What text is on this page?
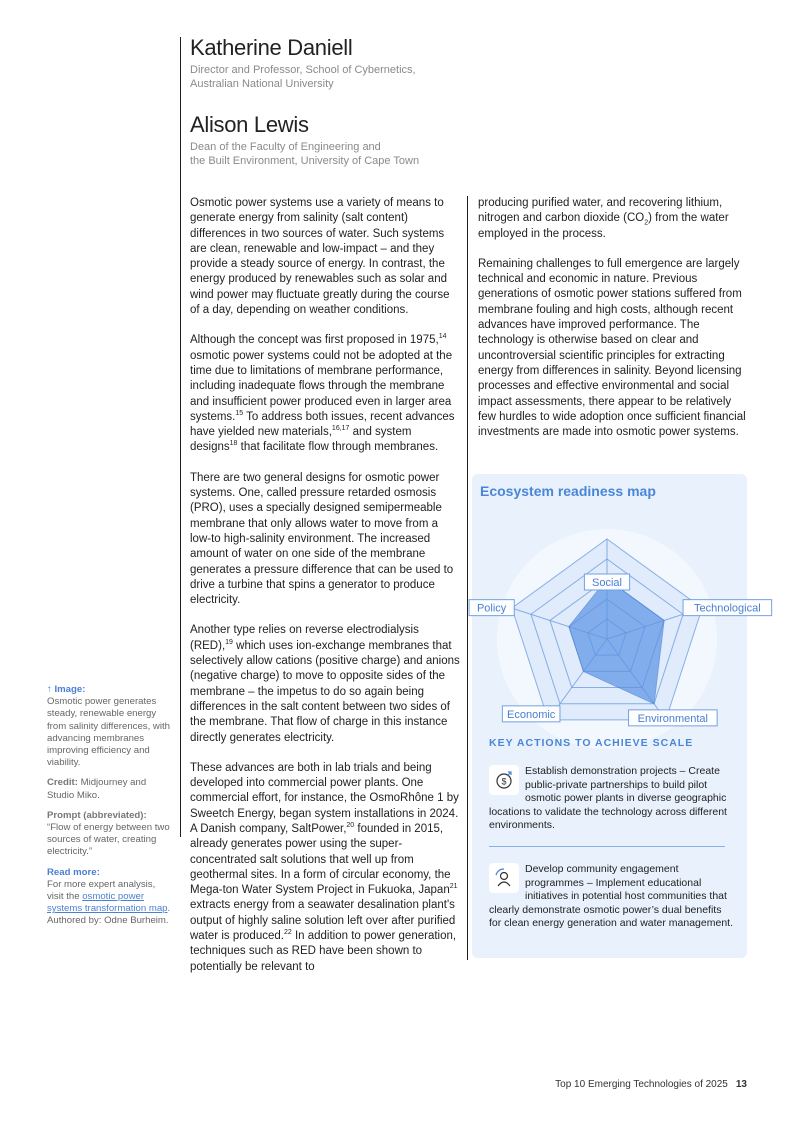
Katherine Daniell
Director and Professor, School of Cybernetics,
Australian National University
Alison Lewis
Dean of the Faculty of Engineering and
the Built Environment, University of Cape Town

Osmotic power systems use a variety of means to generate energy from salinity (salt content) differences in two sources of water. Such systems are clean, renewable and low-impact – and they provide a steady source of energy. In contrast, the energy produced by renewables such as solar and wind power may fluctuate greatly during the course of a day, depending on weather conditions.

Although the concept was first proposed in 1975,14 osmotic power systems could not be adopted at the time due to limitations of membrane performance, including inadequate flows through the membrane and insufficient power produced even in larger area systems.$^{15}$ To address both issues, recent advances have yielded new materials,$^{16,17}$ and system designs$^{18}$ that facilitate flow through membranes.

There are two general designs for osmotic power systems. One, called pressure retarded osmosis (PRO), uses a specially designed semipermeable membrane that only allows water to move from a low-to high-salinity environment. The increased amount of water on one side of the membrane generates a pressure difference that can be used to drive a turbine that spins a generator to produce electricity.

Another type relies on reverse electrodialysis (RED),$^{19}$ which uses ion-exchange membranes that selectively allow cations (positive charge) and anions (negative charge) to move to opposite sides of the membrane – the impetus to do so again being differences in the salt content between two sides of the membrane. That flow of charge in this instance directly generates electricity.

These advances are both in lab trials and being developed into commercial power plants. One commercial effort, for instance, the OsmoRhône 1 by Sweetch Energy, began system installations in 2024. A Danish company, SaltPower,$^{20}$ founded in 2015, already generates power using the super-concentrated salt solutions that well up from geothermal sites. In a form of circular economy, the Mega-ton Water System Project in Fukuoka, Japan$^{21}$ extracts energy from a seawater desalination plant's output of highly saline solution left over after purified water is produced.$^{22}$ In addition to power generation, techniques such as RED have been shown to potentially be relevant to

producing purified water, and recovering lithium, nitrogen and carbon dioxide $(CO_2)$ from the water employed in the process.

Remaining challenges to full emergence are largely technical and economic in nature. Previous generations of osmotic power stations suffered from membrane fouling and high costs, although recent advances have improved performance. The technology is otherwise based on clear and uncontroversial scientific principles for extracting energy from differences in salinity. Beyond licensing processes and effective environmental and social impact assessments, there appear to be relatively few hurdles to wide adoption once sufficient financial investments are made into osmotic power systems.

↑ Image:
Osmotic power generates steady, renewable energy from salinity differences, with advancing membranes improving efficiency and viability.

Credit: Midjourney and Studio Miko.

Prompt (abbreviated):
“Flow of energy between two sources of water, creating electricity.”

Read more:
For more expert analysis, visit the osmotic power systems transformation map. Authored by: Odne Burheim.

Ecosystem readiness map
Social
Technological
Environmental
Economic
Policy
KEY ACTIONS TO ACHIEVE SCALE
$
Establish demonstration projects – Create public-private partnerships to build pilot osmotic power plants in diverse geographic locations to validate the technology across different environments.
Develop community engagement programmes – Implement educational initiatives in potential host communities that clearly demonstrate osmotic power’s dual benefits for clean energy generation and water management.
Top 10 Emerging Technologies of 2025 13
